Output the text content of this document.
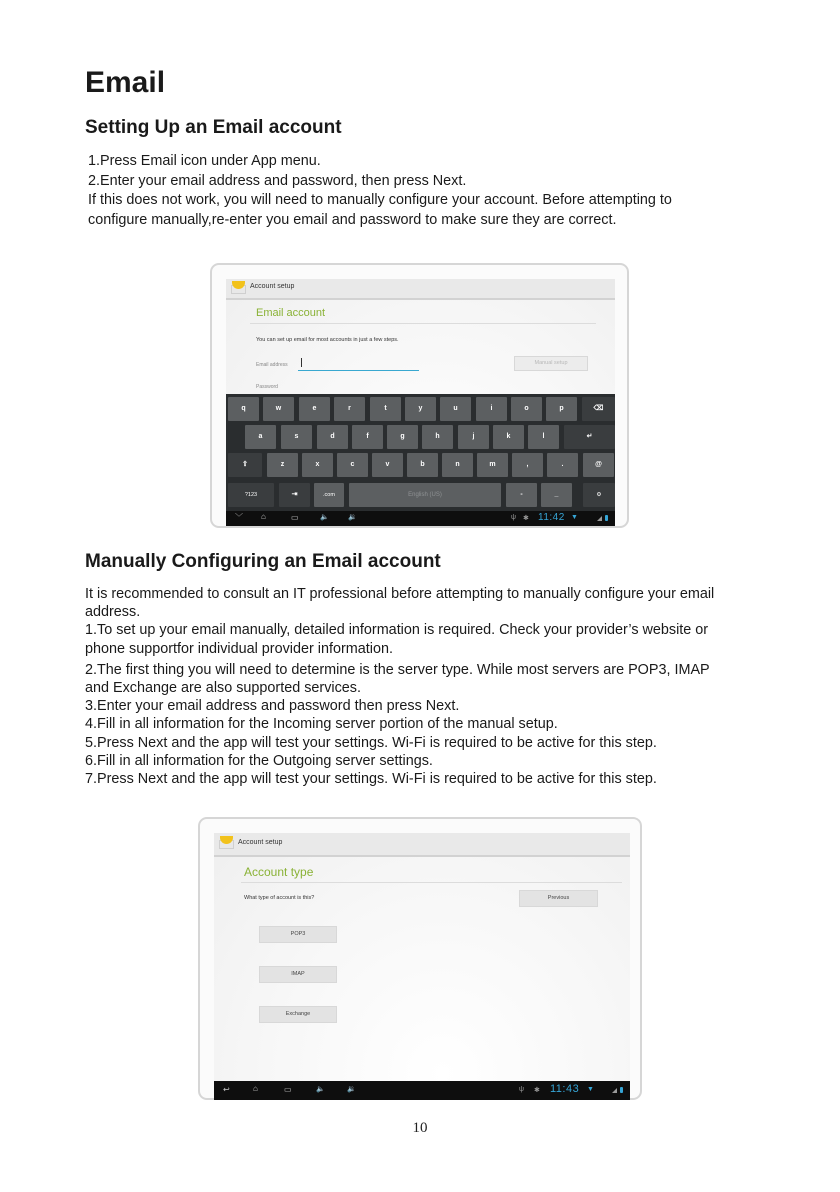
Email
Setting Up an Email account
1.Press Email icon under App menu.
2.Enter your email address and password, then press Next.
If this does not work, you will need to manually configure your account. Before attempting to
configure manually,re-enter you email and password to make sure they are correct.
Account setup
Email account
You can set up email for most accounts in just a few steps.
Email address	Manual setup
Password
q	w	e	r	t	y	u	i	o	p	⌫
a	s	d	f	g	h	j	k	l	↵
⇧	z	x	c	v	b	n	m	,	.	@
?123	⇥	.com	English (US)	-	_	⚙
﹀ ⌂	▭	🔈	🔉	ψ ✱ 11:42 ▼
Manually Configuring an Email account
It is recommended to consult an IT professional before attempting to manually configure your email
address.
1.To set up your email manually, detailed information is required. Check your provider’s website or
phone supportfor individual provider information.
2.The first thing you will need to determine is the server type. While most servers are POP3, IMAP
and Exchange are also supported services.
3.Enter your email address and password then press Next.
4.Fill in all information for the Incoming server portion of the manual setup.
5.Press Next and the app will test your settings. Wi-Fi is required to be active for this step.
6.Fill in all information for the Outgoing server settings.
7.Press Next and the app will test your settings. Wi-Fi is required to be active for this step.
Account setup
Account type
What type of account is this?	Previous
POP3
IMAP
Exchange
↩	⌂	▭	🔈	🔉	ψ ✱ 11:43 ▼
10
